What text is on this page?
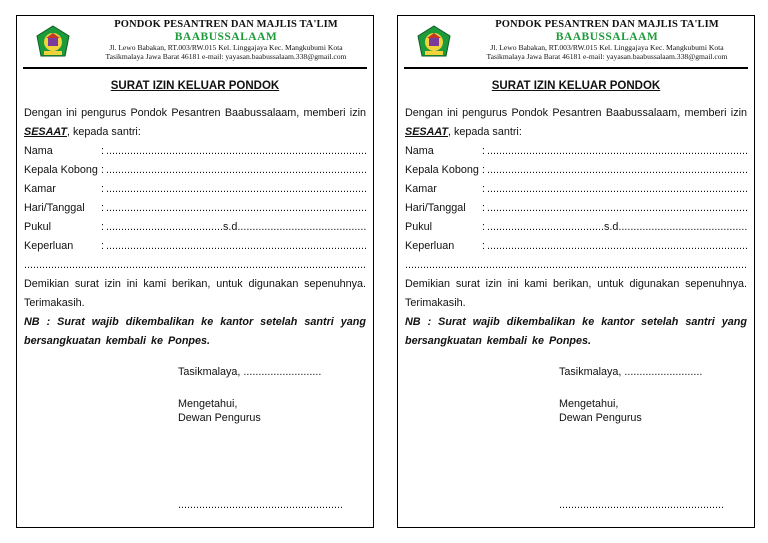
PONDOK PESANTREN DAN MAJLIS TA'LIM
BAABUSSALAAM
Jl. Lewo Babakan, RT.003/RW.015 Kel. Linggajaya Kec. Mangkubumi Kota
Tasikmalaya Jawa Barat 46181 e-mail: yayasan.baabussalaam.338@gmail.com
SURAT IZIN KELUAR PONDOK
Dengan ini pengurus Pondok Pesantren Baabussalaam, memberi izin SESAAT, kepada santri:
Nama	:
.....
Kepala Kobong :
.....
Kamar	:
.....
Hari/Tanggal	:
.....
Pukul	: .....	s.d
.....
Keperluan	:
.....
.....
Demikian surat izin ini kami berikan, untuk digunakan sepenuhnya. Terimakasih.
NB : Surat wajib dikembalikan ke kantor setelah santri yang bersangkuatan kembali ke Ponpes.
Tasikmalaya, ..........................
Mengetahui,
Dewan Pengurus
.....
PONDOK PESANTREN DAN MAJLIS TA'LIM
BAABUSSALAAM
Jl. Lewo Babakan, RT.003/RW.015 Kel. Linggajaya Kec. Mangkubumi Kota
Tasikmalaya Jawa Barat 46181 e-mail: yayasan.baabussalaam.338@gmail.com
SURAT IZIN KELUAR PONDOK
Dengan ini pengurus Pondok Pesantren Baabussalaam, memberi izin SESAAT, kepada santri:
Nama	:
.....
Kepala Kobong :
.....
Kamar	:
.....
Hari/Tanggal	:
.....
Pukul	: .....	s.d
.....
Keperluan	:
.....
.....
Demikian surat izin ini kami berikan, untuk digunakan sepenuhnya. Terimakasih.
NB : Surat wajib dikembalikan ke kantor setelah santri yang bersangkuatan kembali ke Ponpes.
Tasikmalaya, ..........................
Mengetahui,
Dewan Pengurus
.....
